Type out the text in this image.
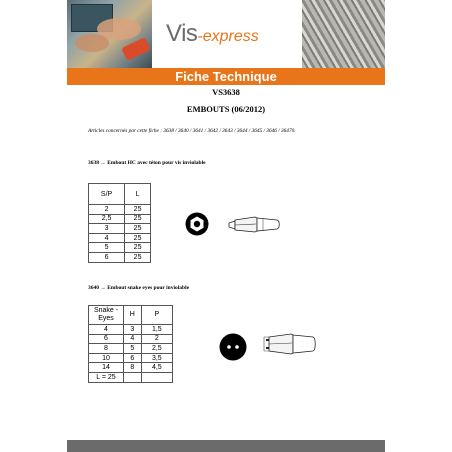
Vis-express
Fiche Technique
VS3638
EMBOUTS (06/2012)
Articles concernés par cette fiche : 3638 / 3640 / 3641 / 3642 / 3643 / 3644 / 3645 / 3646 / 36470.
3638 → Embout HC avec téton pour vis inviolable
S/P	L
2	25
2,5	25
3	25
4	25
5	25
6	25
3640 → Embout snake eyes pour inviolable
Snake - Eyes	H	P
4	3	1,5
6	4	2
8	5	2,5
10	6	3,5
14	8	4,5
L = 25		
